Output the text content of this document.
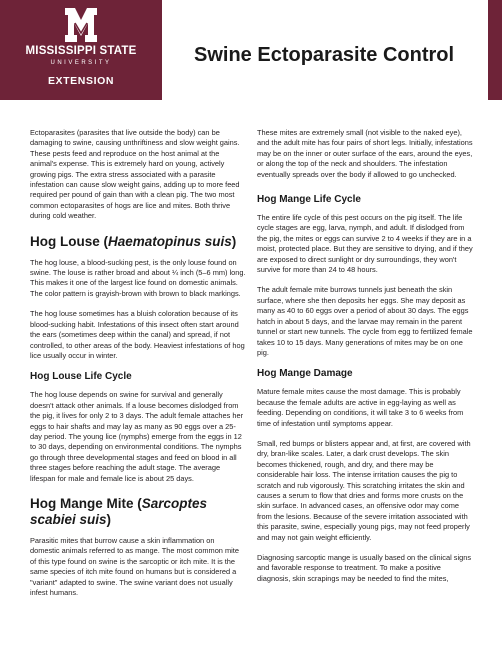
MISSISSIPPI STATE
UNIVERSITY
EXTENSION
Swine Ectoparasite Control

Ectoparasites (parasites that live outside the body) can be damaging to swine, causing unthriftiness and slow weight gains. These pests feed and reproduce on the host animal at the animal's expense. This is extremely hard on young, actively growing pigs. The extra stress associated with a parasite infestation can cause slow weight gains, adding up to more feed required per pound of gain than with a clean pig. The two most common ectoparasites of hogs are lice and mites. Both thrive during cold weather.

Hog Louse (Haematopinus suis)

The hog louse, a blood-sucking pest, is the only louse found on swine. The louse is rather broad and about ¼ inch (5–6 mm) long. This makes it one of the largest lice found on domestic animals. The color pattern is grayish-brown with brown to black markings.

The hog louse sometimes has a bluish coloration because of its blood-sucking habit. Infestations of this insect often start around the ears (sometimes deep within the canal) and spread, if not controlled, to other areas of the body. Heaviest infestations of hog lice usually occur in winter.

Hog Louse Life Cycle

The hog louse depends on swine for survival and generally doesn't attack other animals. If a louse becomes dislodged from the pig, it lives for only 2 to 3 days. The adult female attaches her eggs to hair shafts and may lay as many as 90 eggs over a 25-day period. The young lice (nymphs) emerge from the eggs in 12 to 30 days, depending on environmental conditions. The nymphs go through three developmental stages and feed on blood in all three stages before reaching the adult stage. The average lifespan for male and female lice is about 25 days.

Hog Mange Mite (Sarcoptes scabiei suis)

Parasitic mites that burrow cause a skin inflammation on domestic animals referred to as mange. The most common mite of this type found on swine is the sarcoptic or itch mite. It is the same species of itch mite found on humans but is considered a "variant" adapted to swine. The swine variant does not usually infest humans.

These mites are extremely small (not visible to the naked eye), and the adult mite has four pairs of short legs. Initially, infestations may be on the inner or outer surface of the ears, around the eyes, or along the top of the neck and shoulders. The infestation eventually spreads over the body if allowed to go unchecked.

Hog Mange Life Cycle

The entire life cycle of this pest occurs on the pig itself. The life cycle stages are egg, larva, nymph, and adult. If dislodged from the pig, the mites or eggs can survive 2 to 4 weeks if they are in a moist, protected place. But they are sensitive to drying, and if they are exposed to direct sunlight or dry surroundings, they won't survive for more than 24 to 48 hours.

The adult female mite burrows tunnels just beneath the skin surface, where she then deposits her eggs. She may deposit as many as 40 to 60 eggs over a period of about 30 days. The eggs hatch in about 5 days, and the larvae may remain in the parent tunnel or start new tunnels. The cycle from egg to fertilized female takes 10 to 15 days. Many generations of mites may be on one pig.

Hog Mange Damage

Mature female mites cause the most damage. This is probably because the female adults are active in egg-laying as well as feeding. Depending on conditions, it will take 3 to 6 weeks from time of infestation until symptoms appear.

Small, red bumps or blisters appear and, at first, are covered with dry, bran-like scales. Later, a dark crust develops. The skin becomes thickened, rough, and dry, and there may be considerable hair loss. The intense irritation causes the pig to scratch and rub vigorously. This scratching irritates the skin and causes a serum to flow that dries and forms more crusts on the skin surface. In advanced cases, an offensive odor may come from the lesions. Because of the severe irritation associated with this parasite, swine, especially young pigs, may not feed properly and may not gain weight efficiently.

Diagnosing sarcoptic mange is usually based on the clinical signs and favorable response to treatment. To make a positive diagnosis, skin scrapings may be needed to find the mites,
